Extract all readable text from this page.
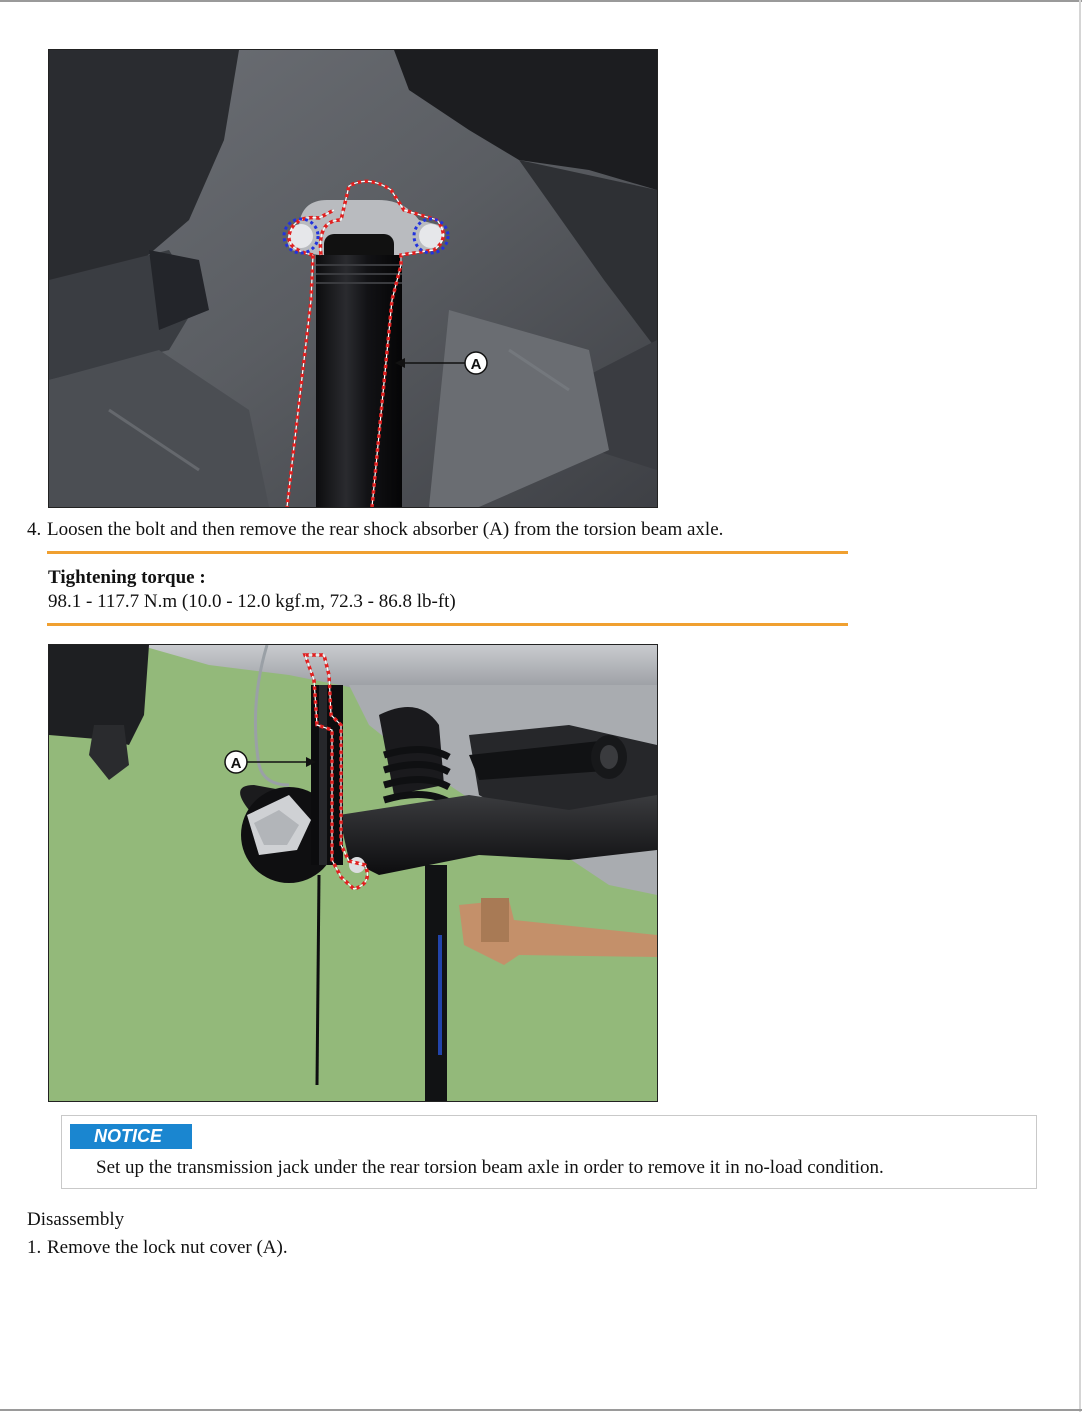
A
4. Loosen the bolt and then remove the rear shock absorber (A) from the torsion beam axle.
Tightening torque :
98.1 - 117.7 N.m (10.0 - 12.0 kgf.m, 72.3 - 86.8 lb-ft)
A
NOTICE
Set up the transmission jack under the rear torsion beam axle in order to remove it in no-load condition.
Disassembly
1. Remove the lock nut cover (A).
